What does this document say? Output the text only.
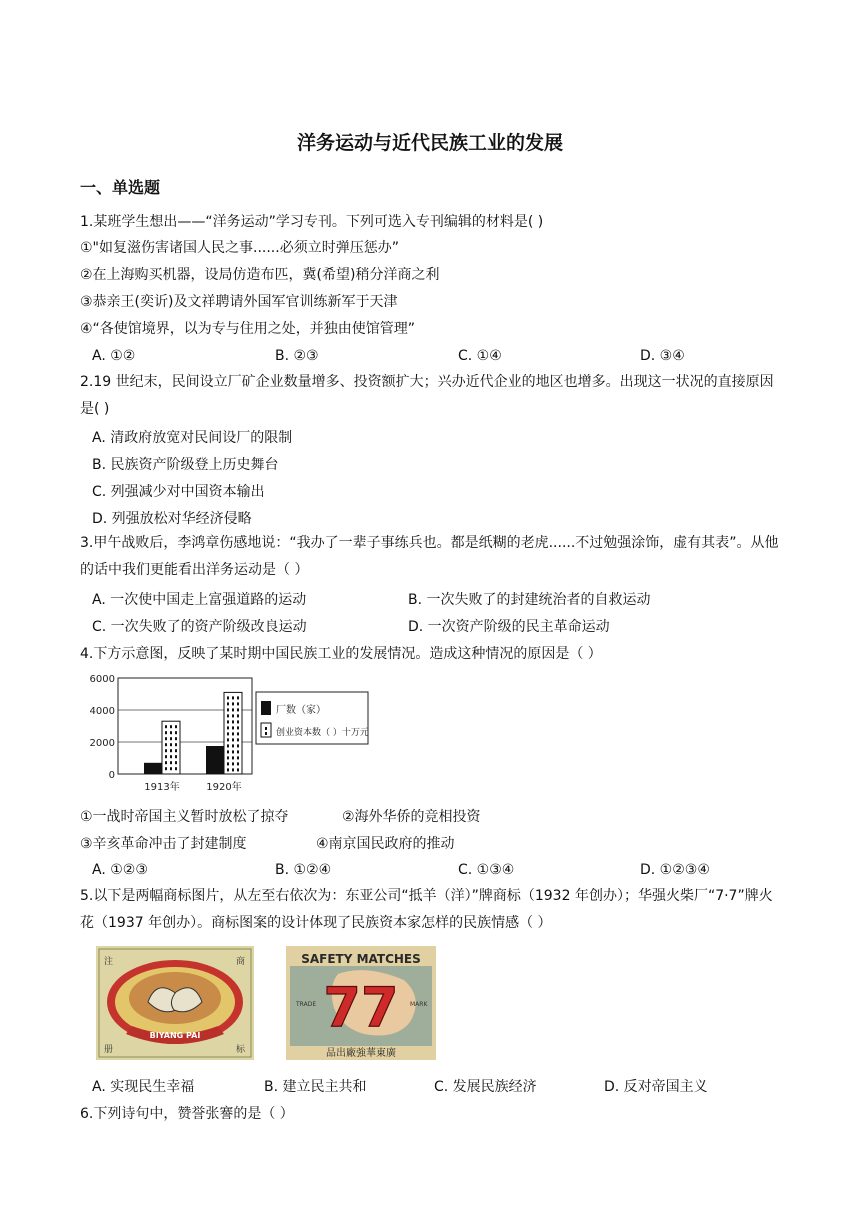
洋务运动与近代民族工业的发展
一、单选题
1.某班学生想出——“洋务运动”学习专刊。下列可选入专刊编辑的材料是( )
①"如复滋伤害诸国人民之事......必须立时弹压惩办”
②在上海购买机器，设局仿造布匹，冀(希望)稍分洋商之利
③恭亲王(奕䜣)及文祥聘请外国军官训练新军于天津
④“各使馆境界，以为专与住用之处，并独由使馆管理”
A. ①②	B. ②③	C. ①④	D. ③④
2.19 世纪末，民间设立厂矿企业数量增多、投资额扩大；兴办近代企业的地区也增多。出现这一状况的直接原因是( )
A. 清政府放宽对民间设厂的限制
B. 民族资产阶级登上历史舞台
C. 列强减少对中国资本输出
D. 列强放松对华经济侵略
3.甲午战败后，李鸿章伤感地说：“我办了一辈子事练兵也。都是纸糊的老虎......不过勉强涂饰，虚有其表”。从他的话中我们更能看出洋务运动是（ ）
A. 一次使中国走上富强道路的运动	B. 一次失败了的封建统治者的自救运动
C. 一次失败了的资产阶级改良运动	D. 一次资产阶级的民主革命运动
4.下方示意图，反映了某时期中国民族工业的发展情况。造成这种情况的原因是（ ）
6000
4000
2000
0
1913年	1920年
厂数（家）
创业资本数（ ）十万元
①一战时帝国主义暂时放松了掠夺	②海外华侨的竞相投资
③辛亥革命冲击了封建制度	④南京国民政府的推动
A. ①②③	B. ①②④	C. ①③④	D. ①②③④
5.以下是两幅商标图片，从左至右依次为：东亚公司“抵羊（洋）”牌商标（1932 年创办）；华强火柴厂“7·7”牌火花（1937 年创办）。商标图案的设计体现了民族资本家怎样的民族情感（ ）
注	商
册	标
BIYANG PAI
SAFETY MATCHES
77
TRADE	MARK
品出廠強華東廣
A. 实现民生幸福	B. 建立民主共和	C. 发展民族经济	D. 反对帝国主义
6.下列诗句中，赞誉张謇的是（ ）
